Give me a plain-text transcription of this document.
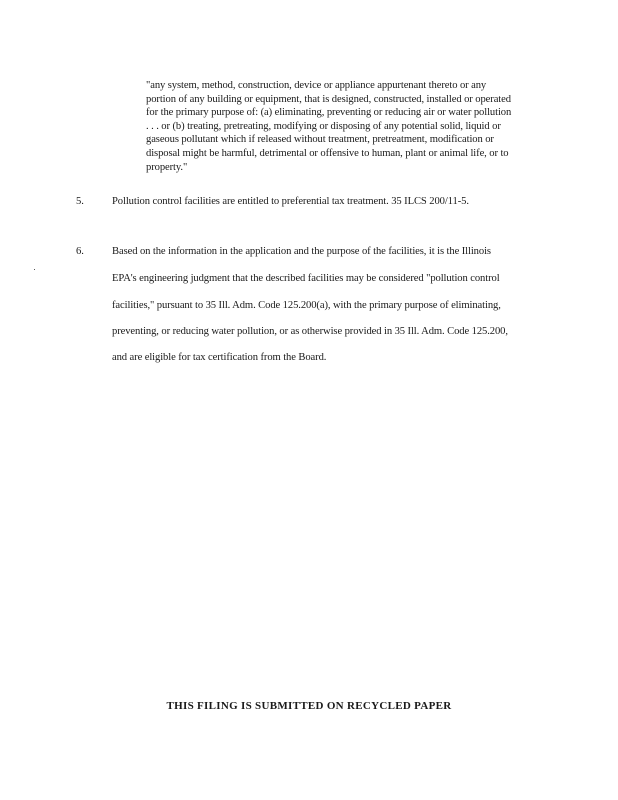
"any system, method, construction, device or appliance appurtenant thereto or any
portion of any building or equipment, that is designed, constructed, installed or operated
for the primary purpose of: (a) eliminating, preventing or reducing air or water pollution
. . . or (b) treating, pretreating, modifying or disposing of any potential solid, liquid or
gaseous pollutant which if released without treatment, pretreatment, modification or
disposal might be harmful, detrimental or offensive to human, plant or animal life, or to
property."
5.	Pollution control facilities are entitled to preferential tax treatment. 35 ILCS 200/11-5.
6.	Based on the information in the application and the purpose of the facilities, it is the Illinois
EPA's engineering judgment that the described facilities may be considered "pollution control
facilities," pursuant to 35 Ill. Adm. Code 125.200(a), with the primary purpose of eliminating,
preventing, or reducing water pollution, or as otherwise provided in 35 Ill. Adm. Code 125.200,
and are eligible for tax certification from the Board.
THIS FILING IS SUBMITTED ON RECYCLED PAPER
